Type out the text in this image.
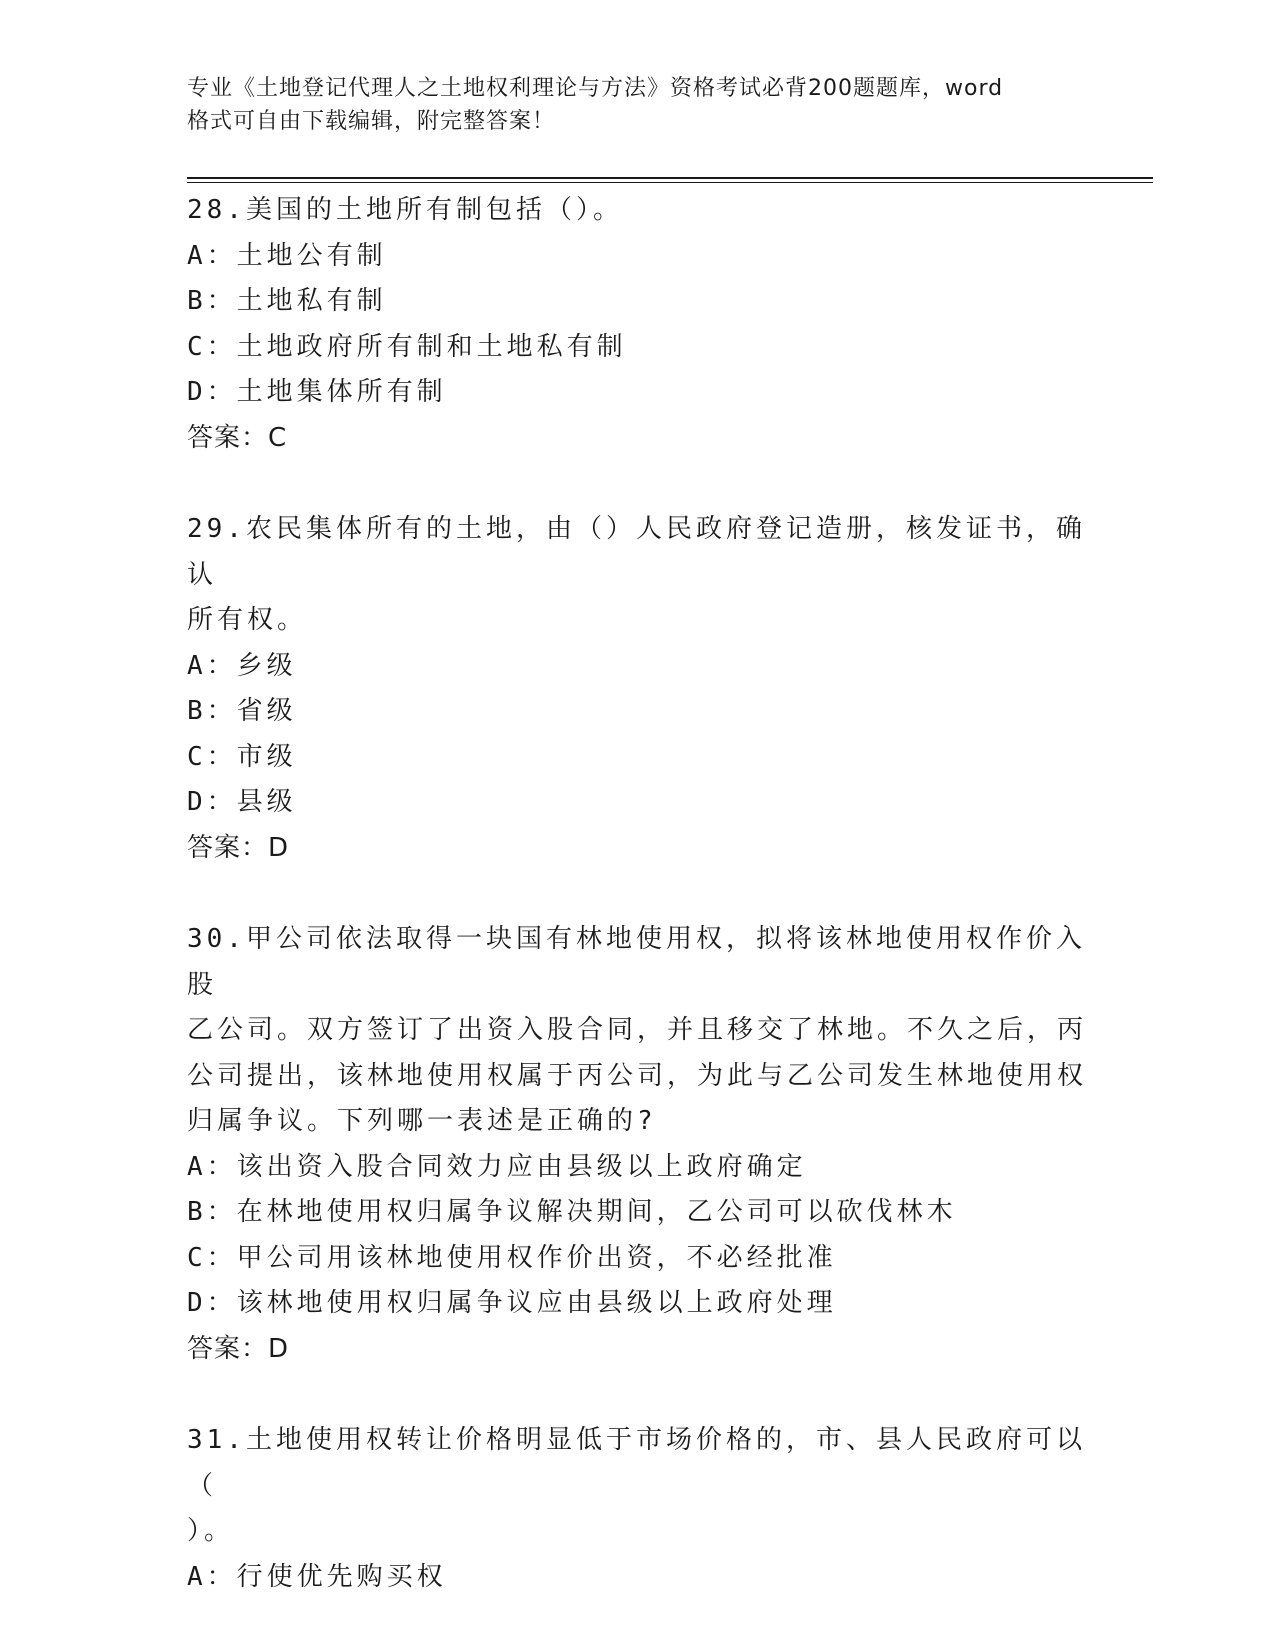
专业《土地登记代理人之土地权利理论与方法》资格考试必背200题题库，word
格式可自由下载编辑，附完整答案！
28.美国的土地所有制包括（）。
A：土地公有制
B：土地私有制
C：土地政府所有制和土地私有制
D：土地集体所有制
答案：C
29.农民集体所有的土地，由（）人民政府登记造册，核发证书，确认
所有权。
A：乡级
B：省级
C：市级
D：县级
答案：D
30.甲公司依法取得一块国有林地使用权，拟将该林地使用权作价入股
乙公司。双方签订了出资入股合同，并且移交了林地。不久之后，丙
公司提出，该林地使用权属于丙公司，为此与乙公司发生林地使用权
归属争议。下列哪一表述是正确的?
A：该出资入股合同效力应由县级以上政府确定
B：在林地使用权归属争议解决期间，乙公司可以砍伐林木
C：甲公司用该林地使用权作价出资，不必经批准
D：该林地使用权归属争议应由县级以上政府处理
答案：D
31.土地使用权转让价格明显低于市场价格的，市、县人民政府可以（
）。
A：行使优先购买权
